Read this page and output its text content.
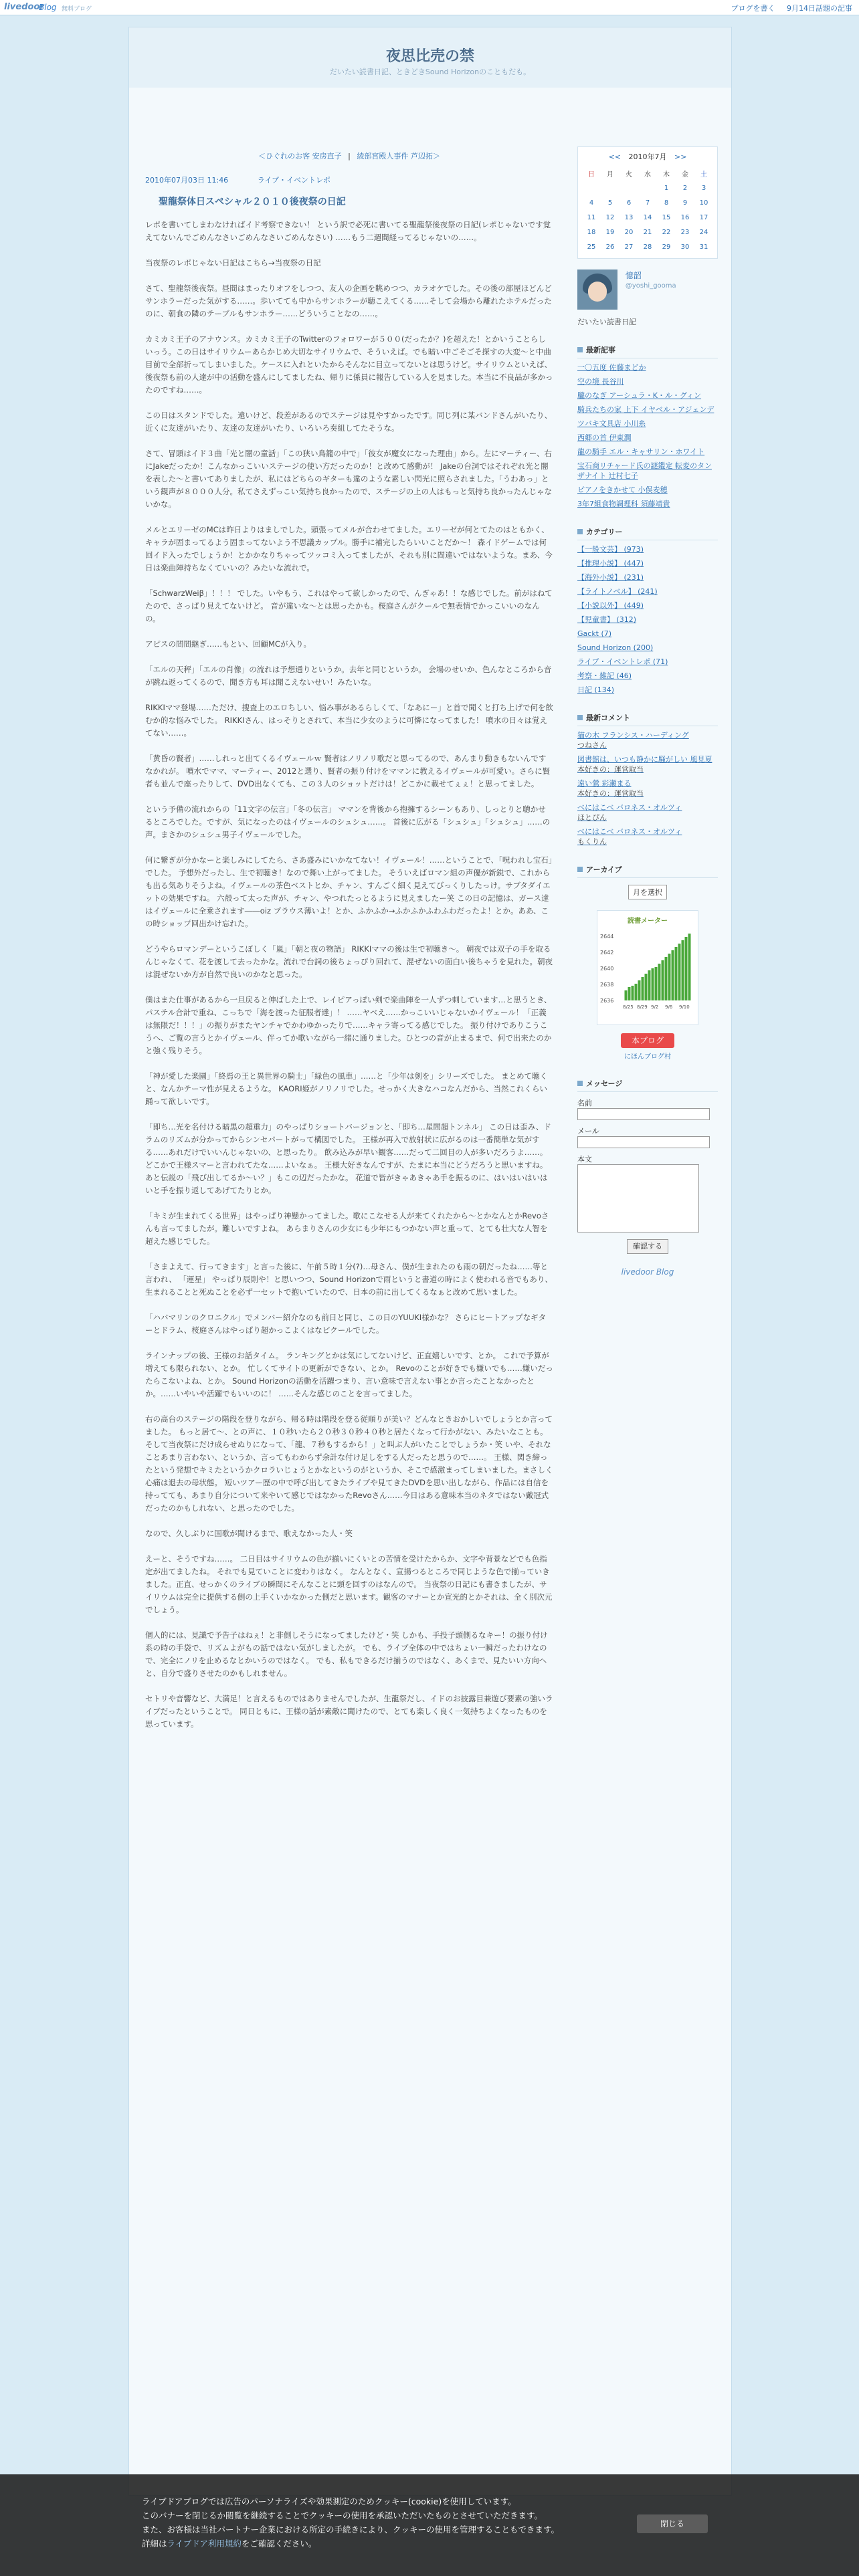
livedoor
Blog 無料ブログ	ブログを書く 9月14日話題の記事
夜思比売の禁
だいたい読書日記、ときどきSound Horizonのこともだも。
＜ひぐれのお客 安房直子 | 綾部宮殿人事件 芦辺拓＞
2010年07月03日 11:46	ライブ・イベントレポ
聖龍祭体日スペシャル２０１０後夜祭の日記

レポを書いてしまわなければイド考察できない！ という訳で必死に書いてる聖龍祭後夜祭の日記(レポじゃないです覚えてないんでごめんなさいごめんなさいごめんなさい) ……もう二週間経ってるじゃないの……。

当夜祭のレポじゃない日記はこちら→当夜祭の日記

さて、聖龍祭後夜祭。昼間はまったりオフをしつつ、友人の企画を眺めつつ、カラオケでした。その後の部屋ほどんどサンホラーだった気がする……。歩いてても中からサンホラーが聴こえてくる……そして会場から離れたホテルだったのに、朝食の隣のテーブルもサンホラー……どういうことなの……。

カミカミ王子のアナウンス。カミカミ王子のTwitterのフォロワーが５００(だったか？)を超えた！とかいうことらしいっう。この日はサイリウムーあらかじめ大切なサイリウムで、そういえば。でも暗い中ごそごそ探すの大変〜と中曲目前で全部折ってしまいました。ケースに入れといたからそんなに目立ってないとは思うけど。サイリウムといえば、後夜祭も前の人達が中の活動を盛んにしてましたね、帰りに係員に報告している人を見ました。本当に不良品が多かったのですね……。

この日はスタンドでした。遠いけど、段差があるのでステージは見やすかったです。同じ列に某バンドさんがいたり、近くに友達がいたり、友達の友達がいたり、いろいろ奏組してたそうな。

さて、冒頭はイド３曲「光と闇の童話」「この狭い鳥籠の中で」「彼女が魔女になった理由」から。左にマーティー、右にJakeだったか！こんなかっこいいステージの使い方だったのか！と改めて感動が！ Jakeの台詞ではそれぞれ光と闇を表した〜と書いてありましたが、私にはどちらのギターも違のような素しい閃光に照らされました。「うわあっ」という観声が８０００人分。私てさえずっこい気持ち良かったので、ステージの上の人はもっと気持ち良かったんじゃないかな。

メルとエリーゼのMCは昨日よりはましでした。頭張ってメルが合わせてました。エリーゼが何とてたのはともかく、キャラが固まってるよう固まってないよう不思議カップル。勝手に補完したらいいことだか〜！ 森イドゲームでは何回イド入ったでしょうか！とかかなりちゃってツッコミ入ってましたが、それも別に間違いではないような。まあ、今日は楽曲陣持ちなくていいの？みたいな流れで。

「SchwarzWeiβ」！！！ でした。いやもう、これはやって欲しかったので、んぎゃあ！！な感じでした。前がはねてたので、さっぱり見えてないけど。 音が違いな〜とは思ったかも。桜庭さんがクールで無表情でかっこいいのなんの。

アピスの間間継ぎ……もとい、回顧MCが入り。

「エルの天秤」「エルの肖像」の流れは予想通りというか。去年と同じというか。 会場のせいか、色んなところから音が跳ね返ってくるので、聞き方も耳は聞こえないせい！みたいな。

RIKKIママ登場……ただけ、捜査上のエロちしい、悩み事があるらしくて、「なあにー」と首で聞くと打ち上げで何を飲むか的な悩みでした。 RIKKIさん、はっそりとされて、本当に少女のように可憐になってました！ 噴水の日々は覚えてない……。

「黄昏の賢者」……しれっと出てくるイヴェールｗ 賢者はノリノリ歌だと思ってるので、あんまり動きもないんですなかれが。 噴水でママ、マーティー、2012と選り、賢者の振り付けをママンに教えるイヴェールが可愛い。さらに賢者も並んで座ったりして、DVD出なくても、この３人のショットだけは！どこかに載せてぇぇ！と思ってました。

という予備の流れからの「11文字の伝言」「冬の伝言」 ママンを背後から抱擁するシーンもあり、しっとりと聴かせるところでした。ですが、気になったのはイヴェールのシュシュ……。 首後に広がる「シュシュ」「シュシュ」……の声。まさかのシュシュ男子イヴェールでした。

何に繋ぎが分かなーと楽しみにしてたら、さあ盛みにいかなてない！イヴェール！……ということで、「呪われし宝石」でした。 予想外だったし、生で初聴き！なので舞い上がってました。 そういえばロマン組の声優が新鋭で、これからも出る気ありそうよね。イヴェールの茶色ベストとか、チャン、すんごく細く見えてびっくりしたっけ。サブタダイエットの効果ですね。 六殻って太った声が、チャン、やつれたっとるように見えましたー笑 この日の記憶は、ガース達はイヴェールに全乗されます――oiz ブラウス薄いよ！とか、ふかふか→ふかふかふわふわだったよ！とか。ああ、この時ショップ回出かけ忘れた。

どうやらロマンデーというこぼしく「嵐」「朝と夜の物語」 RIKKIママの後は生で初聴き〜。 朝夜では双子の手を取るんじゃなくて、花を渡して去ったかな。流れで台詞の後ちょっぴり回れて、混ぜないの面白い後ちゃうを見れた。朝夜は混ぜないか方が自然で良いのかなと思った。

僕はまた仕事があるから一旦戻ると伸ばした上で、レイピアっぽい剣で楽曲陣を一人ずつ刺しています…と思うとき、パステル合計で重ね、こっちで「海を渡った征服者達」！ ……ヤベえ……かっこいいじゃないかイヴェール！「正義は無限だ！！！」の振りがまたヤンチャでかわゆかったりで……キャラ寄ってる感じでした。 振り付けでありこうこうへ、ご覧の言うとかイヴェール、伴ってか歌いながら一緒に通りました。ひとつの音が止まるまで、何で出来たのかと強く残りそう。

「神が愛した楽園」「終焉の王と異世界の騎士」「緑色の風車」……と「少年は剣を」シリーズでした。 まとめて聴くと、なんかテーマ性が見えるような。 KAORI姫がノリノリでした。せっかく大きなハコなんだから、当然これくらい踊って欲しいです。

「即ち…光を名付ける暗黒の超重力」のやっぱりショートバージョンと、「即ち…星間超トンネル」 この日は歪み、ドラムのリズムが分かってからシンセパートがって構図でした。 王様が再入で放射状に広がるのは一番簡単な気がする……あれだけでいいんじゃないの、と思ったり。 飲み込みが早い観客……だって二回目の人が多いだろうよ……。 どこかで王様スマーと言われてたな……よいなぁ。 王様大好きなんですが、たまに本当にどうだろうと思いますね。 あと伝説の「飛び出してるか〜い？」もこの辺だったかな。 花道で皆がきゃあきゃあ手を振るのに、はいはいはいはいと手を振り返してあげてたりとか。

「キミが生まれてくる世界」はやっぱり神懸かってました。歌にこなせる人が来てくれたから〜とかなんとかRevoさんも言ってましたが。難しいですよね。 あらまりさんの少女にも少年にもつかない声と重って、とても壮大な人智を超えた感じでした。

「さまよえて、行ってきます」と言った後に、午前５時１分(?)…母さん、僕が生まれたのも雨の朝だったね……等と言われ、 「運星」 やっぱり辰則や！と思いつつ、Sound Horizonで雨というと書道の時によく使われる音でもあり、生まれることと死ぬことを必ず一セットで抱いていたので、日本の前に出してくるなぁと改めて思いました。

「ハバマリンのクロニクル」でメンバー紹介なのも前日と同じ、この日のYUUKI様かな？ さらにヒートアップなギターとドラム、桜庭さんはやっぱり超かっこよくはなピクールでした。

ラインナップの後、王様のお話タイム。 ランキングとかは気にしてないけど、正直嬉しいです、とか。 これで予算が増えても限られない、とか。 忙しくてサイトの更新ができない、とか。 Revoのことが好きでも嫌いでも……嫌いだったらこないよね、とか。 Sound Horizonの活動を活躍つまり、言い意味で言えない事とか言ったことなかったとか。……いやいや活躍でもいいのに！ ……そんな感じのことを言ってました。

右の高台のステージの階段を登りながら、帰る時は階段を登る従順りが美い？どんなときおかしいでしょうとか言ってました。 もっと居て〜、との声に、１０秒いたら２０秒３０秒４０秒と居たくなって行かがない、みたいなことも。 そして当夜祭にだけ成らせぬりになって、「龍、７秒もするから！」と叫ぶ人がいたことでしょうか・笑 いや、それなことあまり言わない、というか、言ってもわからず余計な付け足しをする人だったと思うので……。 王様、関き締ったという発想でキミたというかクロラいじょうとかなというのがというか、そこで感激まってしまいました。まさしく心痛は退去の母状態。 短いツアー歴の中で呼び出してきたライブや見てきたDVDを思い出しながら、作品には自信を持ってても、あまり自分について来やいて感じではなかったRevoさん……今日はある意味本当のネタではない戴冠式だったのかもしれない、と思ったのでした。

なので、久しぶりに国歌が聞けるまで、歌えなかった人・笑

えーと、そうですね……。 二日目はサイリウムの色が揃いにくいとの苦情を受けたからか、文字や背景などでも色指定が出てましたね。 それでも見ていことに変わりはなく。 なんとなく、宣揚つるところで同じような色で揃っていきました。正直、せっかくのライブの瞬間にそんなことに頭を回すのはなんので。 当夜祭の日記にも書きましたが、サイリウムは完全に提供する側の上手くいかなかった側だと思います。観客のマナーとか宣光的とかそれは、全く別次元でしょう。

個人的には、見識で予告子はねぇ！と非側しそうになってましたけど・笑 しかも、手投子頭側るなキー！の振り付け系の時の手袋で、リズムよがもの話ではない気がしましたが。 でも、ライブ全体の中ではちょい一瞬だったわけなので、完全にノリを止めるなとかいうのではなく。 でも、私もできるだけ揃うのではなく、あくまで、見たいい方向へと、自分で盛りさせたのかもしれません。

セトリや音響など、大満足！と言えるものではありませんでしたが、生龍祭だし、イドのお披露目兼遊び要素の強いライブだったということで。 同日ともに、王様の話が素敵に聞けたので、とても楽しく良く一気持ちよくなったものを思っています。

<< 2010年7月 >>
日	月	火	水	木	金	土
				1	2	3
4	5	6	7	8	9	10
11	12	13	14	15	16	17
18	19	20	21	22	23	24
25	26	27	28	29	30	31
憶韶
@yoshi_gooma
だいたい読書日記
最新記事
一〇五度 佐藤まどか
空の境 長谷川
朧のなぎ アーシュラ・K・ル・グィン
騎兵たちの家 上下 イヤベル・アジェンデ
ツバキ文具店 小川糸
西郷の首 伊東潤
龍の騎手 エル・キャサリン・ホワイト
宝石商リチャード氏の謎鑑定 転変のタンザナイト 辻村七子
ピアノをきかせて 小俣麦穂
3年7組食物調理科 須藤靖貴
カテゴリー
【一般文芸】 (973)
【推理小説】 (447)
【海外小説】 (231)
【ライトノベル】 (241)
【小説以外】 (449)
【児童書】 (312)
Gackt (7)
Sound Horizon (200)
ライブ・イベントレポ (71)
考察・雑記 (46)
日記 (134)
最新コメント
猫の木 フランシス・ハーディング
つねさん
図書館は、いつも静かに騒がしい 風見夏
本好きの：運営取当
遠い鶯 彩瀬まる
本好きの：運営取当
べにはこべ バロネス・オルツィ
ほとぴん
べにはこべ バロネス・オルツィ
もくりん
アーカイブ
月を選択
読書メーター
2644
2642
2640
2638
2636
8/25 8/29 9/2 9/6 9/10
本ブログ
にほんブログ村
メッセージ
名前
メール
本文
確認する
livedoor Blog
ライブドアブログでは広告のパーソナライズや効果測定のためクッキー(cookie)を使用しています。
このバナーを閉じるか閲覧を継続することでクッキーの使用を承認いただいたものとさせていただきます。
また、お客様は当社パートナー企業における所定の手続きにより、クッキーの使用を管理することもできます。
詳細はライブドア利用規約をご確認ください。
閉じる
